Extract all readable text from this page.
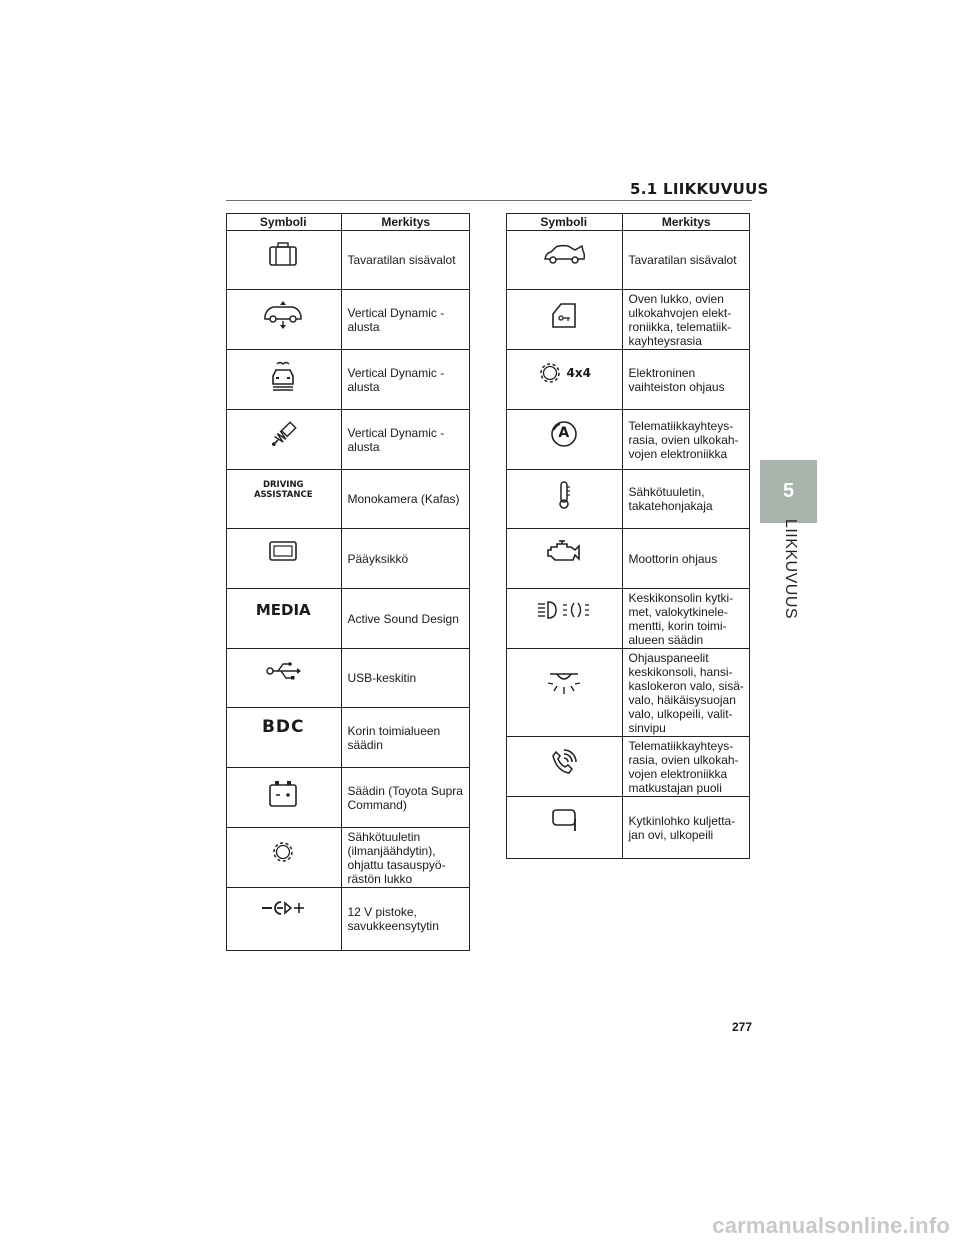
5.1 LIIKKUVUUS
Symboli	Merkitys

	Tavaratilan sisävalot

	Vertical Dynamic -alusta

	Vertical Dynamic -alusta

	Vertical Dynamic -alusta

DRIVING
ASSISTANCE	Monokamera (Kafas)

	Pääyksikkö

MEDIA	Active Sound Design

	USB-keskitin

BDC	Korin toimialueen säädin

	Säädin (Toyota Supra Command)

	Sähkötuuletin (ilmanjäähdytin), ohjattu tasauspyö-rästön lukko

	12 V pistoke, savukkeensytytin
Symboli	Merkitys

	Tavaratilan sisävalot

	Oven lukko, ovien ulkokahvojen elekt-roniikka, telematiik-kayhteysrasia

4x4	Elektroninen vaihteiston ohjaus

A	Telematiikkayhteys-rasia, ovien ulkokah-vojen elektroniikka

	Sähkötuuletin, takatehonjakaja

	Moottorin ohjaus

	Keskikonsolin kytki-met, valokytkinele-mentti, korin toimi-alueen säädin

	Ohjauspaneelit keskikonsoli, hansi-kaslokeron valo, sisä-valo, häikäisysuojan valo, ulkopeili, valit-sinvipu

	Telematiikkayhteys-rasia, ovien ulkokah-vojen elektroniikka matkustajan puoli

	Kytkinlohko kuljetta-jan ovi, ulkopeili
5
LIIKKUVUUS
277
carmanualsonline.info
